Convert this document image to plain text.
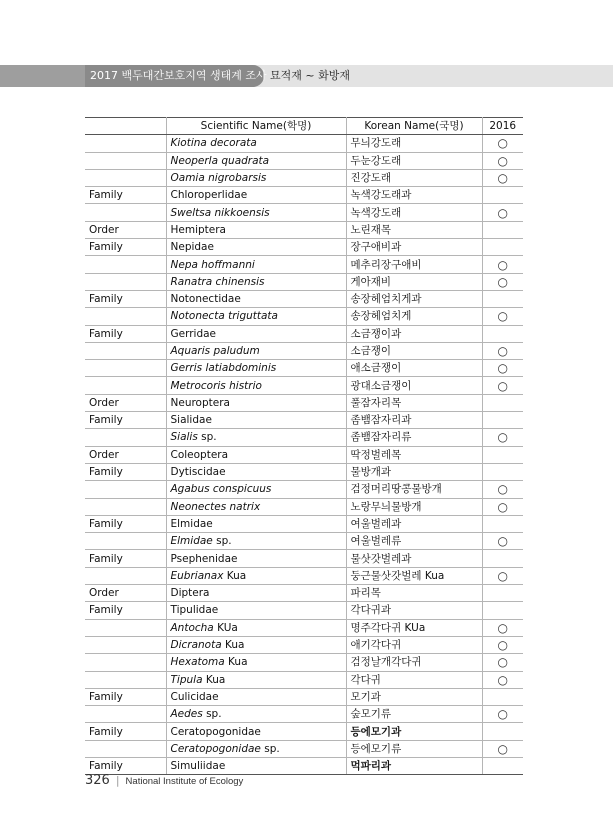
2017 백두대간보호지역 생태계 조사 묘적재 ~ 화방재
	Scientific Name(학명)	Korean Name(국명)	2016
	Kiotina decorata	무늬강도래	○
	Neoperla quadrata	두눈강도래	○
	Oamia nigrobarsis	진강도래	○
Family	Chloroperlidae	녹색강도래과	
	Sweltsa nikkoensis	녹색강도래	○
Order	Hemiptera	노린재목	
Family	Nepidae	장구애비과	
	Nepa hoffmanni	메추리장구애비	○
	Ranatra chinensis	게아재비	○
Family	Notonectidae	송장헤엄치게과	
	Notonecta triguttata	송장헤엄치게	○
Family	Gerridae	소금쟁이과	
	Aquaris paludum	소금쟁이	○
	Gerris latiabdominis	애소금쟁이	○
	Metrocoris histrio	광대소금쟁이	○
Order	Neuroptera	풀잠자리목	
Family	Sialidae	좀뱀잠자리과	
	Sialis sp.	좀뱀잠자리류	○
Order	Coleoptera	딱정벌레목	
Family	Dytiscidae	물방개과	
	Agabus conspicuus	검정머리땅콩물방개	○
	Neonectes natrix	노랑무늬물방개	○
Family	Elmidae	여울벌레과	
	Elmidae sp.	여울벌레류	○
Family	Psephenidae	물삿갓벌레과	
	Eubrianax Kua	둥근물삿갓벌레 Kua	○
Order	Diptera	파리목	
Family	Tipulidae	각다귀과	
	Antocha KUa	명주각다귀 KUa	○
	Dicranota Kua	애기각다귀	○
	Hexatoma Kua	검정날개각다귀	○
	Tipula Kua	각다귀	○
Family	Culicidae	모기과	
	Aedes sp.	숲모기류	○
Family	Ceratopogonidae	등에모기과	
	Ceratopogonidae sp.	등에모기류	○
Family	Simuliidae	먹파리과	
326 | National Institute of Ecology
